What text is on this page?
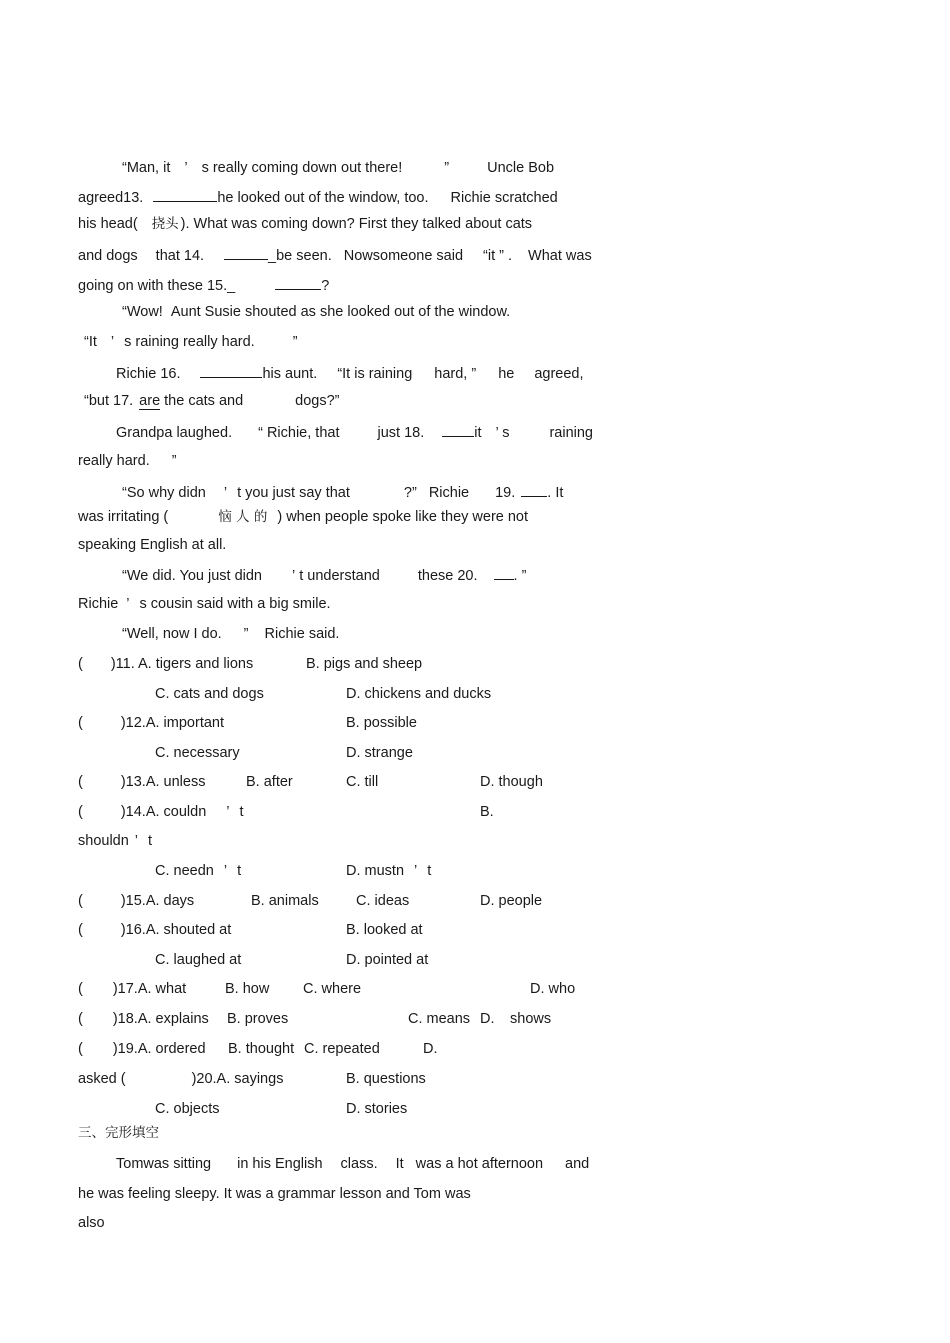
“Man, it ’ s really coming down out there!	”	Uncle Bob
agreed13.	he looked out of the window, too. Richie scratched
his head( 挠头 ). What was coming down? First they talked about cats
and dogs that 14.	_be seen. Nowsomeone said “it ” . What was
going on with these 15._	?
“Wow! Aunt Susie shouted as she looked out of the window.
“It ’ s raining really hard.	”
Richie 16.	his aunt. “It is raining hard, ” he agreed,
“but 17. are the cats and	dogs?”
Grandpa laughed. “ Richie, that	just 18.	it ’ s	raining
really hard. ”
“So why didn ’ t you just say that	?” Richie 19. . It
was irritating (	恼 人 的 ) when people spoke like they were not
speaking English at all.
“We did. You just didn ’ t understand	these 20. . ”
Richie ’ s cousin said with a big smile.
“Well, now I do. ” Richie said.
( )11. A. tigers and lions	B. pigs and sheep
C. cats and dogs	D. chickens and ducks
(	)12.A. important	B. possible
C. necessary	D. strange
(	)13.A. unless	B. after	C. till	D. though
(	)14.A. couldn ’ t	B.
shouldn ’ t
C. needn ’ t	D. mustn ’ t
(	)15.A. days	B. animals	C. ideas	D. people
(	)16.A. shouted at	B. looked at
C. laughed at	D. pointed at
( )17.A. what	B. how C. where	D. who
( )18.A. explains B. proves	C. means D. shows
( )19.A. ordered B. thought C. repeated	D.
asked (	)20.A. sayings	B. questions
C. objects	D. stories
三、完形填空
Tomwas sitting in his English class. It was a hot afternoon and
he was feeling sleepy. It was a grammar lesson and Tom was
also
